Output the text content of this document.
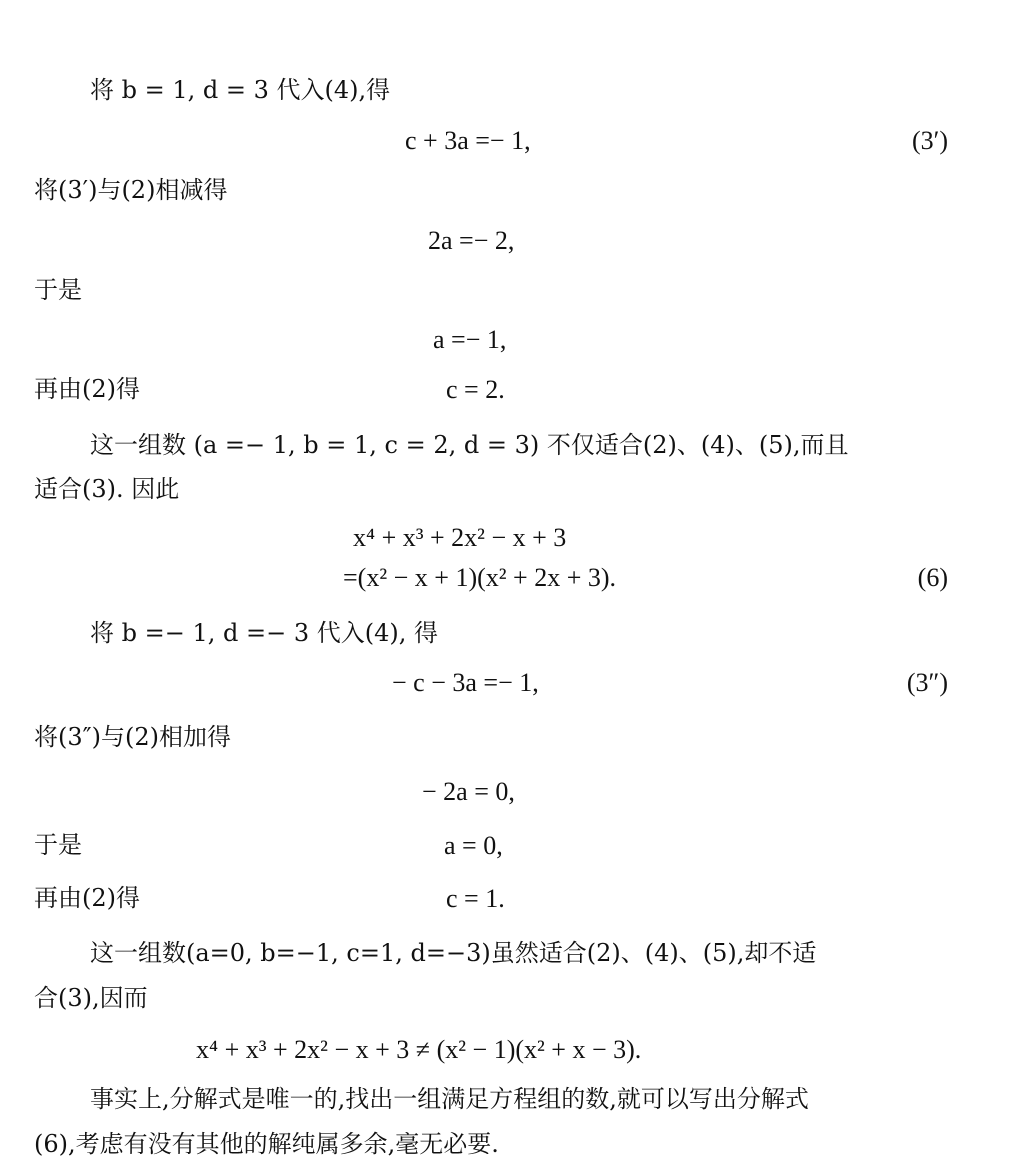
将 b = 1, d = 3 代入(4),得
c + 3a =− 1,	(3′)
将(3′)与(2)相减得
2a =− 2,
于是
a =− 1,
再由(2)得	c = 2.
这一组数 (a =− 1, b = 1, c = 2, d = 3) 不仅适合(2)、(4)、(5),而且
适合(3). 因此
x⁴ + x³ + 2x² − x + 3
=(x² − x + 1)(x² + 2x + 3).	(6)
将 b =− 1, d =− 3 代入(4), 得
− c − 3a =− 1,	(3″)
将(3″)与(2)相加得
− 2a = 0,
于是	a = 0,
再由(2)得	c = 1.
这一组数(a=0, b=−1, c=1, d=−3)虽然适合(2)、(4)、(5),却不适
合(3),因而
x⁴ + x³ + 2x² − x + 3 ≠ (x² − 1)(x² + x − 3).
事实上,分解式是唯一的,找出一组满足方程组的数,就可以写出分解式
(6),考虑有没有其他的解纯属多余,毫无必要.
